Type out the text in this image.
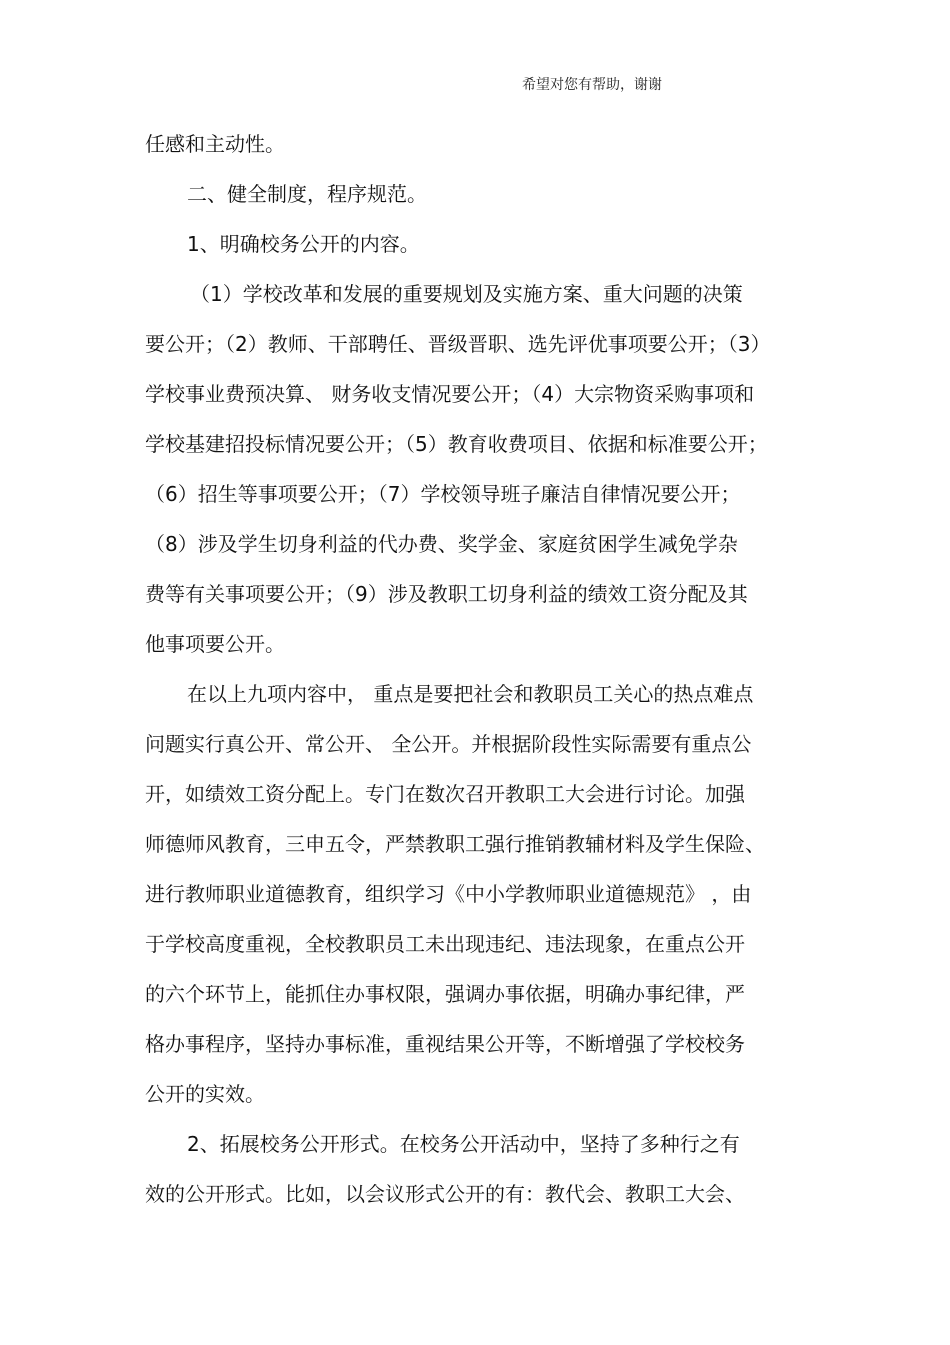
希望对您有帮助，谢谢
任感和主动性。
二、健全制度，程序规范。
1、明确校务公开的内容。
（1）学校改革和发展的重要规划及实施方案、重大问题的决策
要公开；（2）教师、干部聘任、晋级晋职、选先评优事项要公开；（3）
学校事业费预决算、 财务收支情况要公开；（4）大宗物资采购事项和
学校基建招投标情况要公开；（5）教育收费项目、依据和标准要公开；
（6）招生等事项要公开；（7）学校领导班子廉洁自律情况要公开；
（8）涉及学生切身利益的代办费、奖学金、家庭贫困学生减免学杂
费等有关事项要公开；（9）涉及教职工切身利益的绩效工资分配及其
他事项要公开。
在以上九项内容中， 重点是要把社会和教职员工关心的热点难点
问题实行真公开、常公开、 全公开。并根据阶段性实际需要有重点公
开，如绩效工资分配上。专门在数次召开教职工大会进行讨论。加强
师德师风教育，三申五令，严禁教职工强行推销教辅材料及学生保险、
进行教师职业道德教育，组织学习《中小学教师职业道德规范》 ，由
于学校高度重视，全校教职员工未出现违纪、违法现象，在重点公开
的六个环节上，能抓住办事权限，强调办事依据，明确办事纪律，严
格办事程序，坚持办事标准，重视结果公开等，不断增强了学校校务
公开的实效。
2、拓展校务公开形式。在校务公开活动中，坚持了多种行之有
效的公开形式。比如，以会议形式公开的有：教代会、教职工大会、
